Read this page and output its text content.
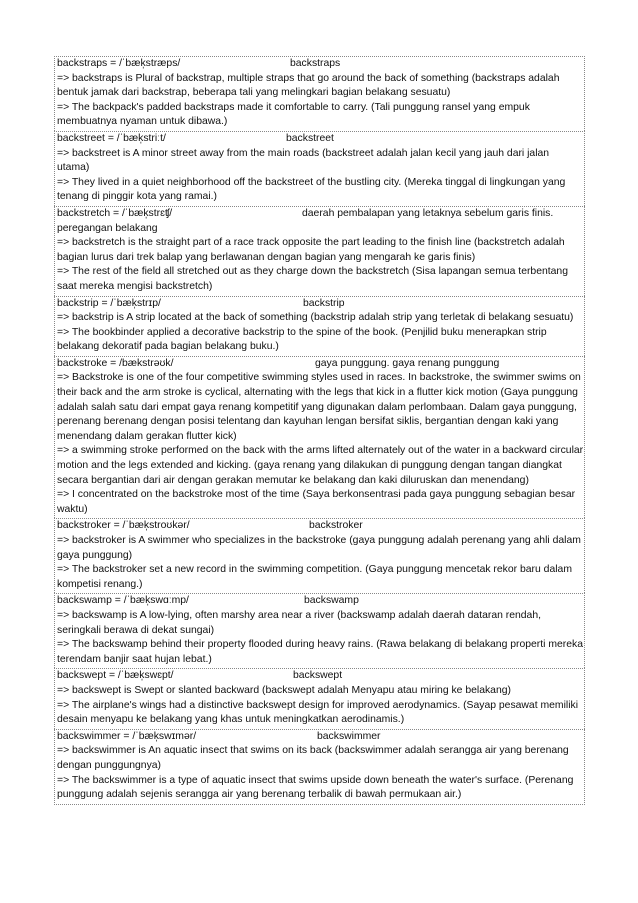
backstraps = /ˈbæk̩stræps/	backstraps

=> backstraps is Plural of backstrap, multiple straps that go around the back of something (backstraps adalah bentuk jamak dari backstrap, beberapa tali yang melingkari bagian belakang sesuatu)

=> The backpack's padded backstraps made it comfortable to carry. (Tali punggung ransel yang empuk membuatnya nyaman untuk dibawa.)

backstreet = /ˈbæk̩striːt/	backstreet

=> backstreet is A minor street away from the main roads (backstreet adalah jalan kecil yang jauh dari jalan utama)

=> They lived in a quiet neighborhood off the backstreet of the bustling city. (Mereka tinggal di lingkungan yang tenang di pinggir kota yang ramai.)

backstretch = /ˈbæk̩strɛʧ/	daerah pembalapan yang letaknya sebelum garis finis. peregangan belakang

=> backstretch is the straight part of a race track opposite the part leading to the finish line (backstretch adalah bagian lurus dari trek balap yang berlawanan dengan bagian yang mengarah ke garis finis)

=> The rest of the field all stretched out as they charge down the backstretch (Sisa lapangan semua terbentang saat mereka mengisi backstretch)

backstrip = /ˈbæk̩strɪp/	backstrip

=> backstrip is A strip located at the back of something (backstrip adalah strip yang terletak di belakang sesuatu)

=> The bookbinder applied a decorative backstrip to the spine of the book. (Penjilid buku menerapkan strip belakang dekoratif pada bagian belakang buku.)

backstroke = /bækstrəʊk/	gaya punggung. gaya renang punggung

=> Backstroke is one of the four competitive swimming styles used in races. In backstroke, the swimmer swims on their back and the arm stroke is cyclical, alternating with the legs that kick in a flutter kick motion (Gaya punggung adalah salah satu dari empat gaya renang kompetitif yang digunakan dalam perlombaan. Dalam gaya punggung, perenang berenang dengan posisi telentang dan kayuhan lengan bersifat siklis, bergantian dengan kaki yang menendang dalam gerakan flutter kick)

=> a swimming stroke performed on the back with the arms lifted alternately out of the water in a backward circular motion and the legs extended and kicking. (gaya renang yang dilakukan di punggung dengan tangan diangkat secara bergantian dari air dengan gerakan memutar ke belakang dan kaki diluruskan dan menendang)

=> I concentrated on the backstroke most of the time (Saya berkonsentrasi pada gaya punggung sebagian besar waktu)

backstroker = /ˈbæk̩stroʊkər/	backstroker

=> backstroker is A swimmer who specializes in the backstroke (gaya punggung adalah perenang yang ahli dalam gaya punggung)

=> The backstroker set a new record in the swimming competition. (Gaya punggung mencetak rekor baru dalam kompetisi renang.)

backswamp = /ˈbæk̩swɑːmp/	backswamp

=> backswamp is A low-lying, often marshy area near a river (backswamp adalah daerah dataran rendah, seringkali berawa di dekat sungai)

=> The backswamp behind their property flooded during heavy rains. (Rawa belakang di belakang properti mereka terendam banjir saat hujan lebat.)

backswept = /ˈbæk̩swɛpt/	backswept

=> backswept is Swept or slanted backward (backswept adalah Menyapu atau miring ke belakang)

=> The airplane's wings had a distinctive backswept design for improved aerodynamics. (Sayap pesawat memiliki desain menyapu ke belakang yang khas untuk meningkatkan aerodinamis.)

backswimmer = /ˈbæk̩swɪmər/	backswimmer

=> backswimmer is An aquatic insect that swims on its back (backswimmer adalah serangga air yang berenang dengan punggungnya)

=> The backswimmer is a type of aquatic insect that swims upside down beneath the water's surface. (Perenang punggung adalah sejenis serangga air yang berenang terbalik di bawah permukaan air.)
